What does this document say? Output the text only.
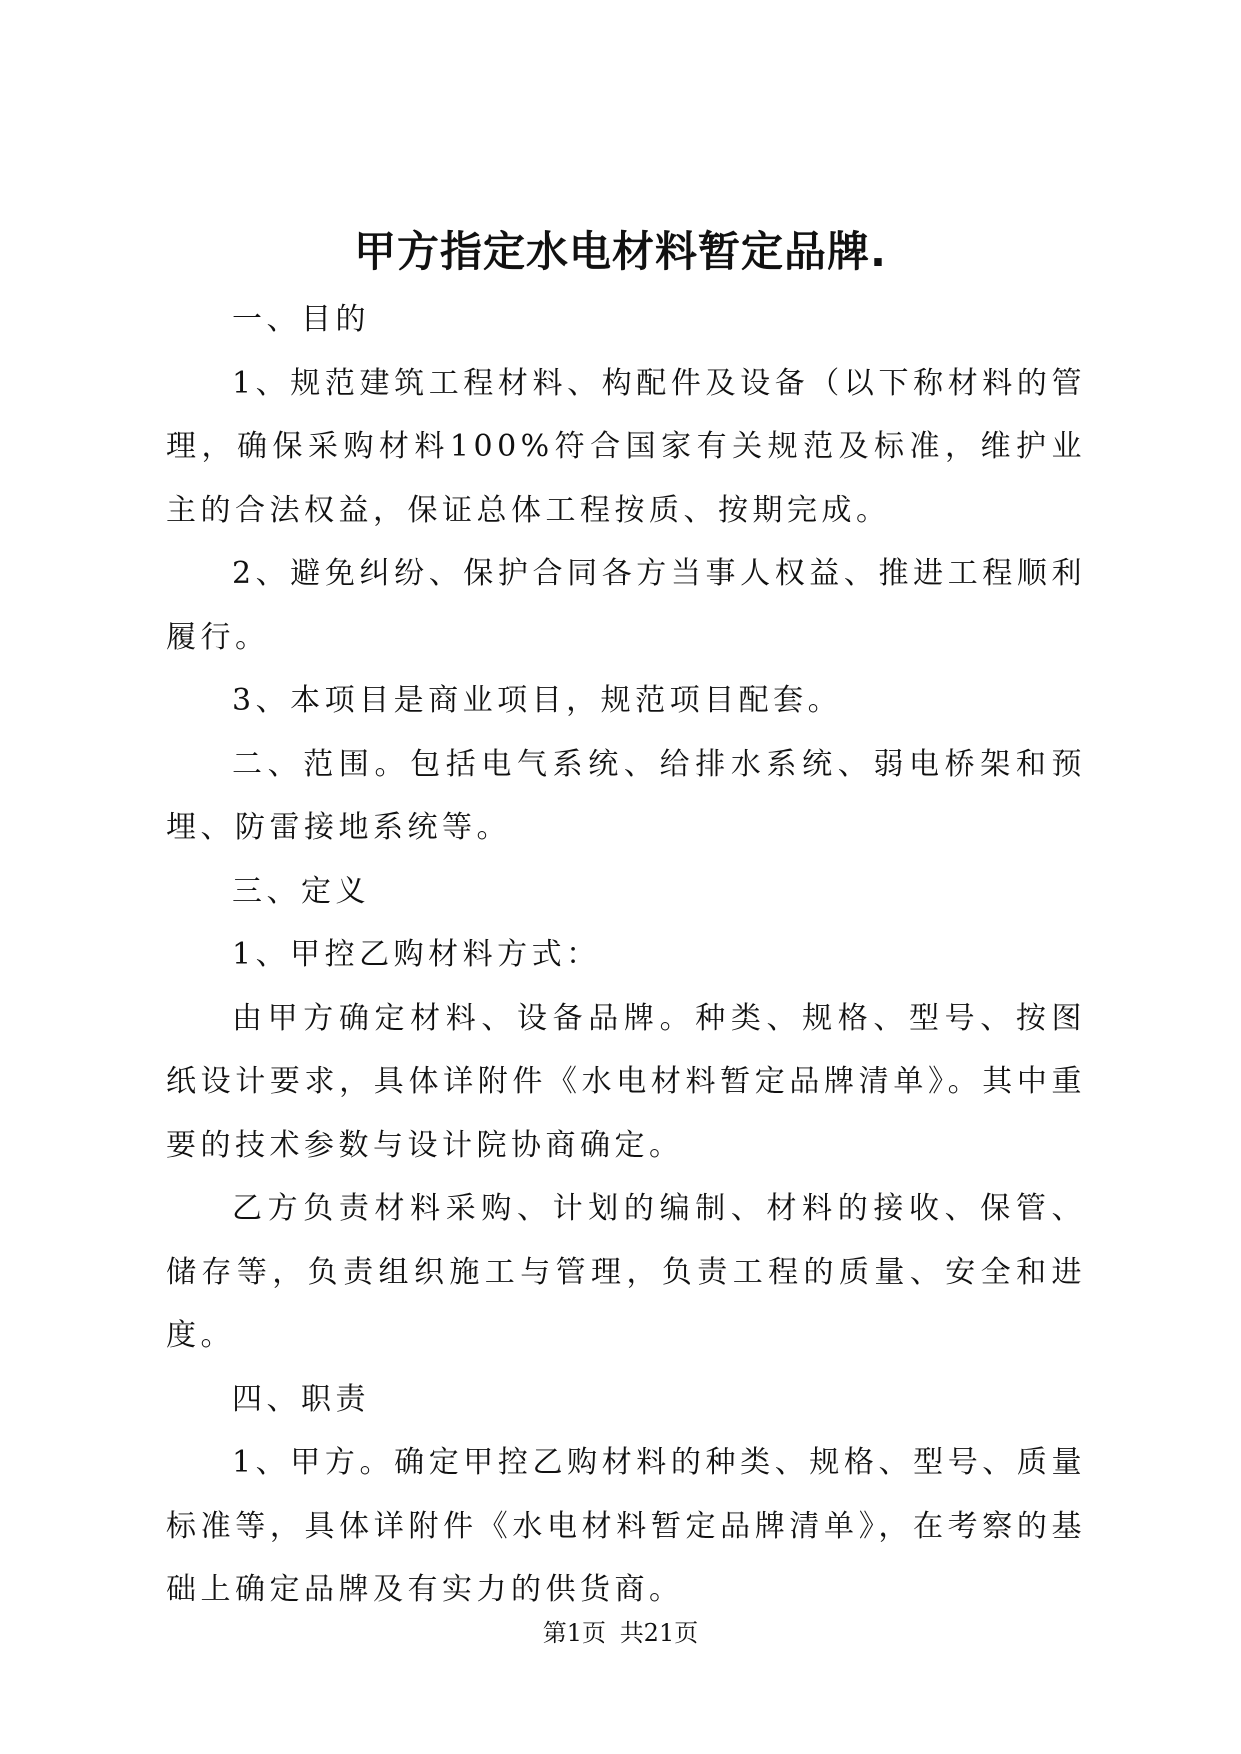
甲方指定水电材料暂定品牌.

一、目的

1、规范建筑工程材料、构配件及设备（以下称材料的管理，确保采购材料100%符合国家有关规范及标准，维护业主的合法权益，保证总体工程按质、按期完成。

2、避免纠纷、保护合同各方当事人权益、推进工程顺利履行。

3、本项目是商业项目，规范项目配套。

二、范围。包括电气系统、给排水系统、弱电桥架和预埋、防雷接地系统等。

三、定义

1、甲控乙购材料方式：

由甲方确定材料、设备品牌。种类、规格、型号、按图纸设计要求，具体详附件《水电材料暂定品牌清单》。其中重要的技术参数与设计院协商确定。

乙方负责材料采购、计划的编制、材料的接收、保管、储存等，负责组织施工与管理，负责工程的质量、安全和进度。

四、职责

1、甲方。确定甲控乙购材料的种类、规格、型号、质量标准等，具体详附件《水电材料暂定品牌清单》，在考察的基础上确定品牌及有实力的供货商。

第1页 共21页
